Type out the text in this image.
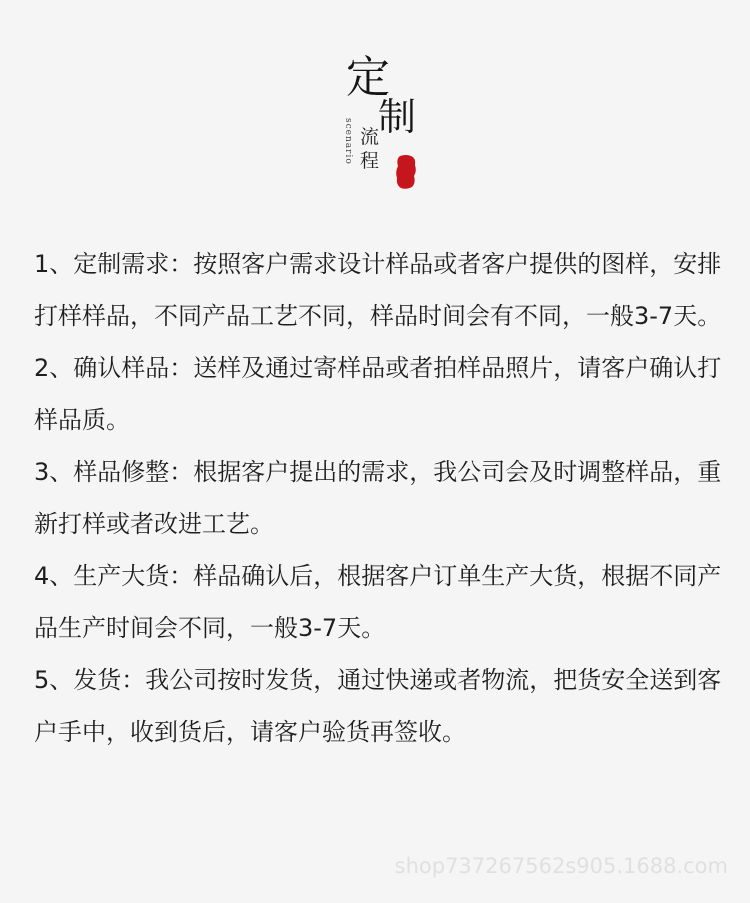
定
制
scenario 流
程

1、定制需求：按照客户需求设计样品或者客户提供的图样，安排打样样品，不同产品工艺不同，样品时间会有不同，一般3-7天。

2、确认样品：送样及通过寄样品或者拍样品照片，请客户确认打样品质。

3、样品修整：根据客户提出的需求，我公司会及时调整样品，重新打样或者改进工艺。

4、生产大货：样品确认后，根据客户订单生产大货，根据不同产品生产时间会不同，一般3-7天。

5、发货：我公司按时发货，通过快递或者物流，把货安全送到客户手中，收到货后，请客户验货再签收。

shop737267562s905.1688.com
